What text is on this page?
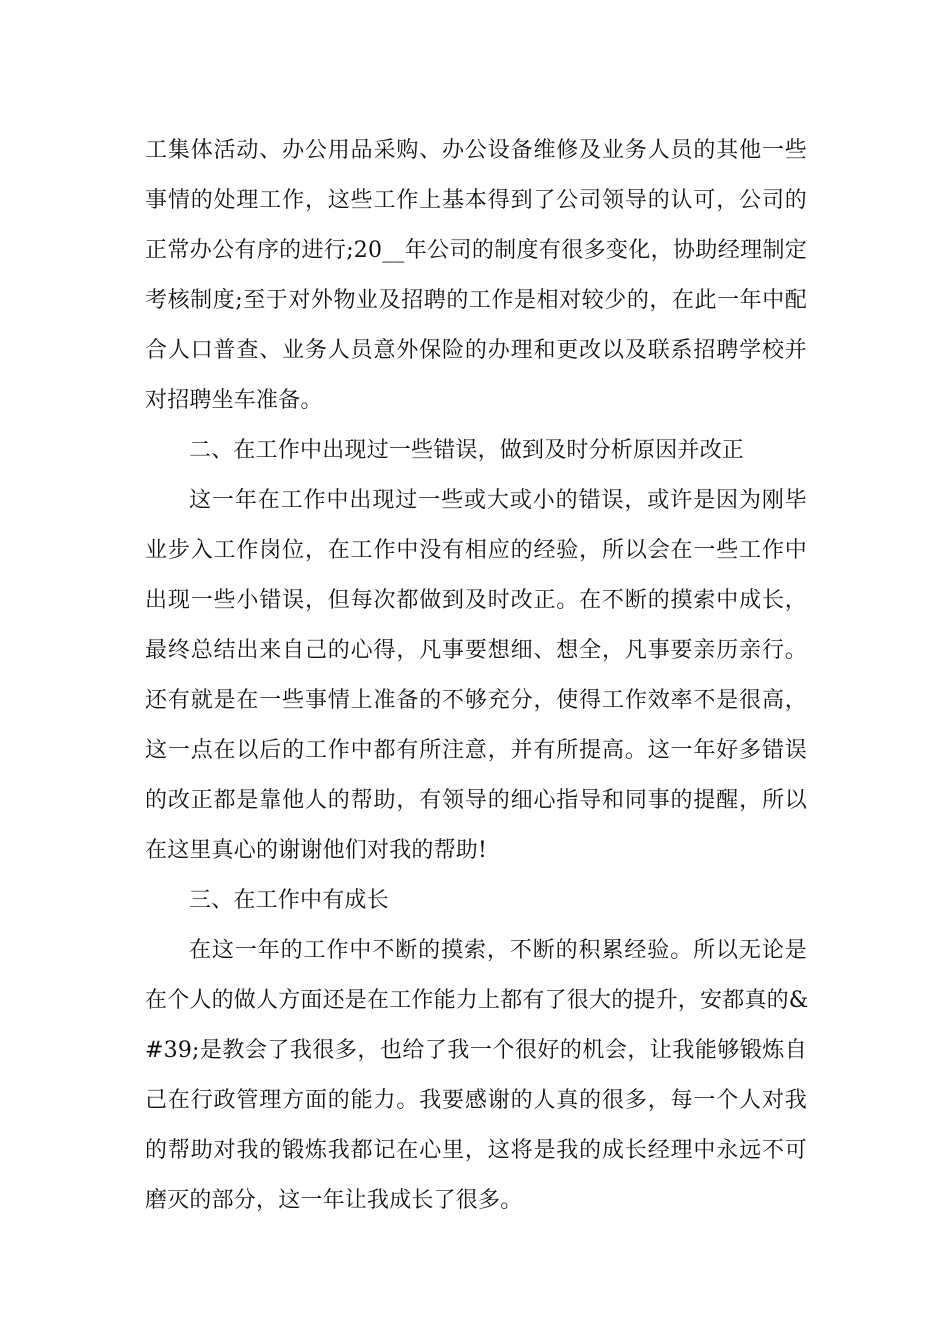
工集体活动、办公用品采购、办公设备维修及业务人员的其他一些
事情的处理工作，这些工作上基本得到了公司领导的认可，公司的
正常办公有序的进行;20__年公司的制度有很多变化，协助经理制定
考核制度;至于对外物业及招聘的工作是相对较少的，在此一年中配
合人口普查、业务人员意外保险的办理和更改以及联系招聘学校并
对招聘坐车准备。
二、在工作中出现过一些错误，做到及时分析原因并改正
这一年在工作中出现过一些或大或小的错误，或许是因为刚毕
业步入工作岗位，在工作中没有相应的经验，所以会在一些工作中
出现一些小错误，但每次都做到及时改正。在不断的摸索中成长，
最终总结出来自己的心得，凡事要想细、想全，凡事要亲历亲行。
还有就是在一些事情上准备的不够充分，使得工作效率不是很高，
这一点在以后的工作中都有所注意，并有所提高。这一年好多错误
的改正都是靠他人的帮助，有领导的细心指导和同事的提醒，所以
在这里真心的谢谢他们对我的帮助!
三、在工作中有成长
在这一年的工作中不断的摸索，不断的积累经验。所以无论是
在个人的做人方面还是在工作能力上都有了很大的提升，安都真的&
#39;是教会了我很多，也给了我一个很好的机会，让我能够锻炼自
己在行政管理方面的能力。我要感谢的人真的很多，每一个人对我
的帮助对我的锻炼我都记在心里，这将是我的成长经理中永远不可
磨灭的部分，这一年让我成长了很多。
